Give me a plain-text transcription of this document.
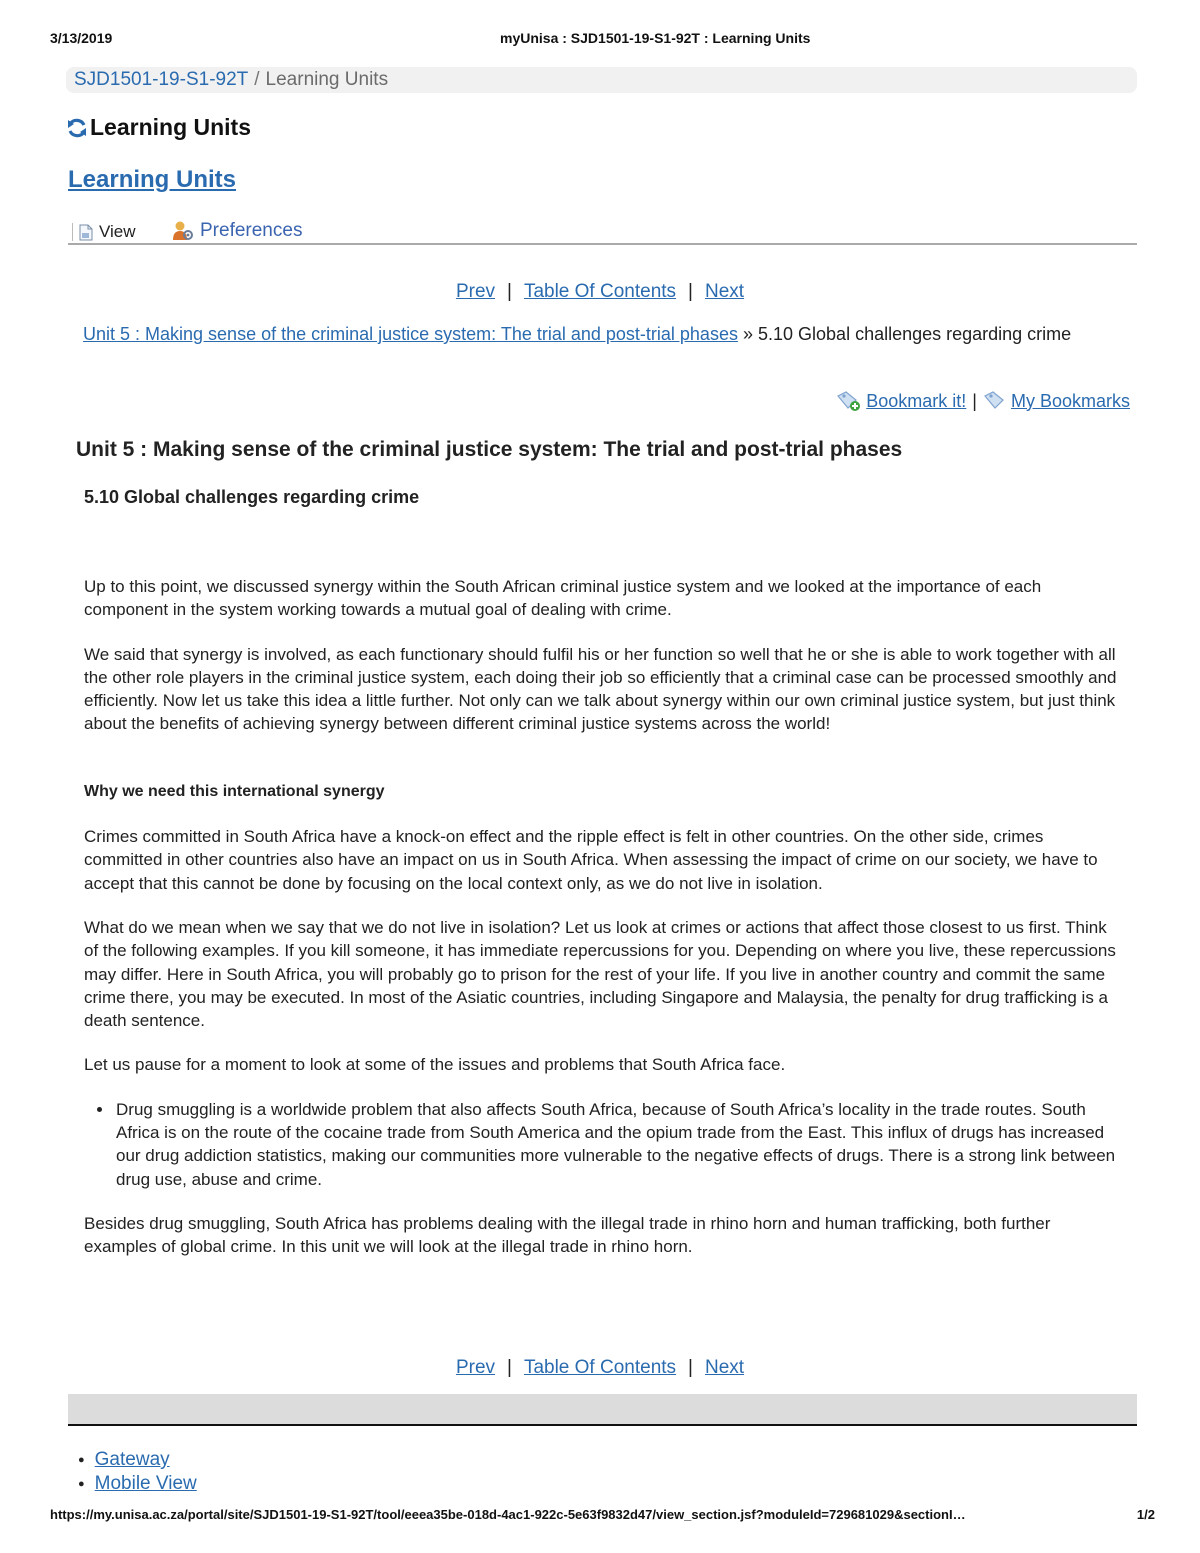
3/13/2019	myUnisa : SJD1501-19-S1-92T : Learning Units
SJD1501-19-S1-92T / Learning Units
Learning Units
Learning Units
View	Preferences
Prev | Table Of Contents | Next
Unit 5 : Making sense of the criminal justice system: The trial and post-trial phases » 5.10 Global challenges regarding crime
Bookmark it! | My Bookmarks
Unit 5 : Making sense of the criminal justice system: The trial and post-trial phases
5.10 Global challenges regarding crime

Up to this point, we discussed synergy within the South African criminal justice system and we looked at the importance of each component in the system working towards a mutual goal of dealing with crime.

We said that synergy is involved, as each functionary should fulfil his or her function so well that he or she is able to work together with all the other role players in the criminal justice system, each doing their job so efficiently that a criminal case can be processed smoothly and efficiently. Now let us take this idea a little further. Not only can we talk about synergy within our own criminal justice system, but just think about the benefits of achieving synergy between different criminal justice systems across the world!

Why we need this international synergy

Crimes committed in South Africa have a knock-on effect and the ripple effect is felt in other countries. On the other side, crimes committed in other countries also have an impact on us in South Africa. When assessing the impact of crime on our society, we have to accept that this cannot be done by focusing on the local context only, as we do not live in isolation.

What do we mean when we say that we do not live in isolation? Let us look at crimes or actions that affect those closest to us first. Think of the following examples. If you kill someone, it has immediate repercussions for you. Depending on where you live, these repercussions may differ. Here in South Africa, you will probably go to prison for the rest of your life. If you live in another country and commit the same crime there, you may be executed. In most of the Asiatic countries, including Singapore and Malaysia, the penalty for drug trafficking is a death sentence.

Let us pause for a moment to look at some of the issues and problems that South Africa face.

• Drug smuggling is a worldwide problem that also affects South Africa, because of South Africa’s locality in the trade routes. South Africa is on the route of the cocaine trade from South America and the opium trade from the East. This influx of drugs has increased our drug addiction statistics, making our communities more vulnerable to the negative effects of drugs. There is a strong link between drug use, abuse and crime.

Besides drug smuggling, South Africa has problems dealing with the illegal trade in rhino horn and human trafficking, both further examples of global crime. In this unit we will look at the illegal trade in rhino horn.

Prev | Table Of Contents | Next
● Gateway
● Mobile View
https://my.unisa.ac.za/portal/site/SJD1501-19-S1-92T/tool/eeea35be-018d-4ac1-922c-5e63f9832d47/view_section.jsf?moduleId=729681029&sectionI…	1/2
